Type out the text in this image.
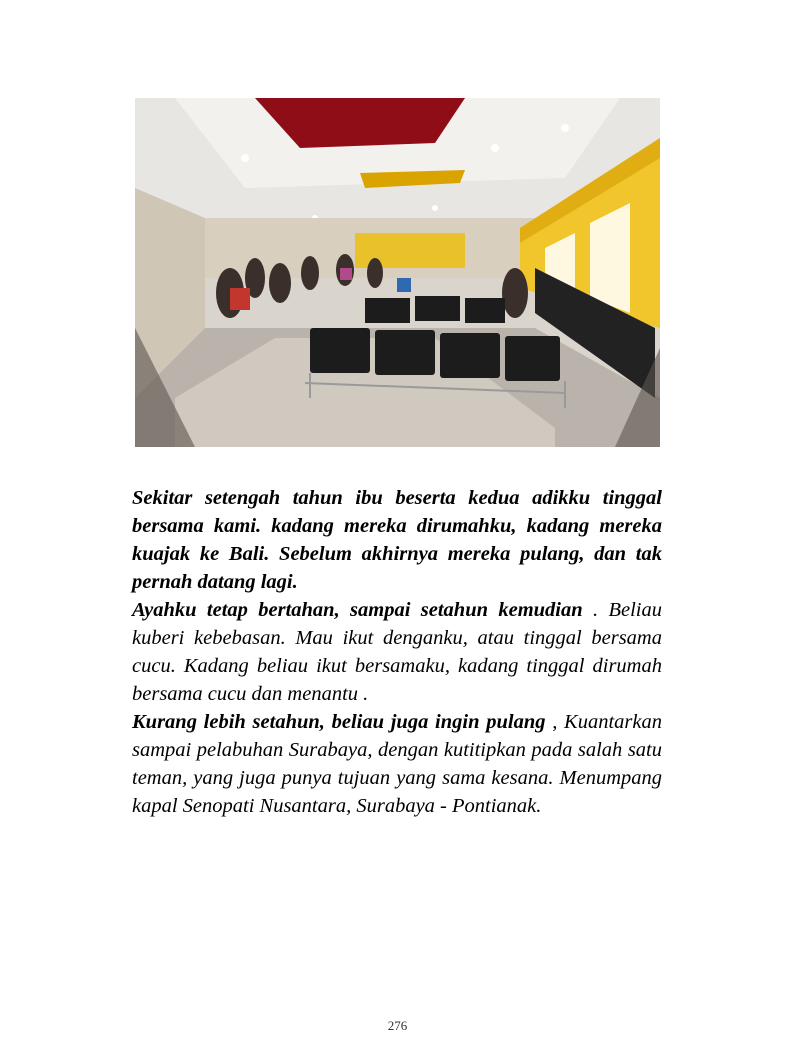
Sekitar setengah tahun ibu beserta kedua adikku tinggal bersama kami. kadang mereka dirumahku, kadang mereka kuajak ke Bali. Sebelum akhirnya mereka pulang, dan tak pernah datang lagi.

Ayahku tetap bertahan, sampai setahun kemudian . Beliau kuberi kebebasan. Mau ikut denganku, atau tinggal bersama cucu. Kadang beliau ikut bersamaku, kadang tinggal dirumah bersama cucu dan menantu .

Kurang lebih setahun, beliau juga ingin pulang , Kuantarkan sampai pelabuhan Surabaya, dengan kutitipkan pada salah satu teman, yang juga punya tujuan yang sama kesana. Menumpang kapal Senopati Nusantara, Surabaya - Pontianak.

276
